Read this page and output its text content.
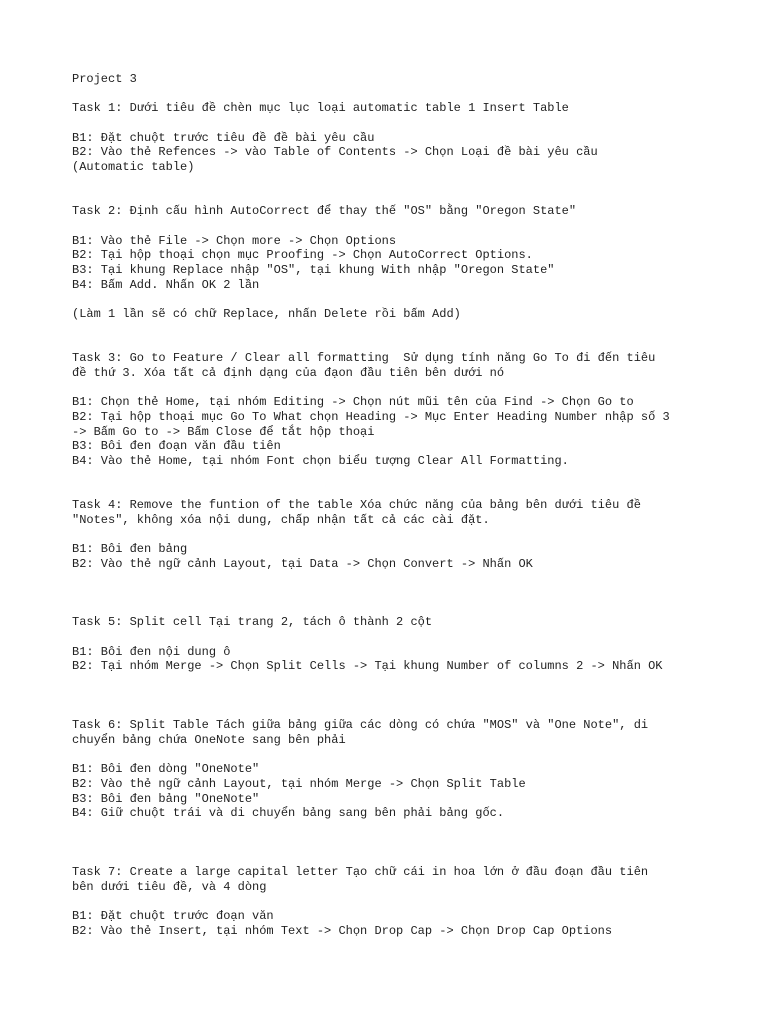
Project 3
Task 1: Dưới tiêu đề chèn mục lục loại automatic table 1 Insert Table
B1: Đặt chuột trước tiêu đề đề bài yêu cầu
B2: Vào thẻ Refences -> vào Table of Contents -> Chọn Loại đề bài yêu cầu
(Automatic table)
Task 2: Định cấu hình AutoCorrect để thay thế "OS" bằng "Oregon State"
B1: Vào thẻ File -> Chọn more -> Chọn Options
B2: Tại hộp thoại chọn mục Proofing -> Chọn AutoCorrect Options.
B3: Tại khung Replace nhập "OS", tại khung With nhập "Oregon State"
B4: Bấm Add. Nhấn OK 2 lần
(Làm 1 lần sẽ có chữ Replace, nhấn Delete rồi bấm Add)
Task 3: Go to Feature / Clear all formatting  Sử dụng tính năng Go To đi đến tiêu
đề thứ 3. Xóa tất cả định dạng của đạon đầu tiên bên dưới nó
B1: Chọn thẻ Home, tại nhóm Editing -> Chọn nút mũi tên của Find -> Chọn Go to
B2: Tại hộp thoại mục Go To What chọn Heading -> Mục Enter Heading Number nhập số 3
-> Bấm Go to -> Bấm Close để tắt hộp thoại
B3: Bôi đen đoạn văn đầu tiên
B4: Vào thẻ Home, tại nhóm Font chọn biểu tượng Clear All Formatting.
Task 4: Remove the funtion of the table Xóa chức năng của bảng bên dưới tiêu đề
"Notes", không xóa nội dung, chấp nhận tất cả các cài đặt.
B1: Bôi đen bảng
B2: Vào thẻ ngữ cảnh Layout, tại Data -> Chọn Convert -> Nhấn OK
Task 5: Split cell Tại trang 2, tách ô thành 2 cột
B1: Bôi đen nội dung ô
B2: Tại nhóm Merge -> Chọn Split Cells -> Tại khung Number of columns 2 -> Nhấn OK
Task 6: Split Table Tách giữa bảng giữa các dòng có chứa "MOS" và "One Note", di
chuyển bảng chứa OneNote sang bên phải
B1: Bôi đen dòng "OneNote"
B2: Vào thẻ ngữ cảnh Layout, tại nhóm Merge -> Chọn Split Table
B3: Bôi đen bảng "OneNote"
B4: Giữ chuột trái và di chuyển bảng sang bên phải bảng gốc.
Task 7: Create a large capital letter Tạo chữ cái in hoa lớn ở đầu đoạn đầu tiên
bên dưới tiêu đề, và 4 dòng
B1: Đặt chuột trước đoạn văn
B2: Vào thẻ Insert, tại nhóm Text -> Chọn Drop Cap -> Chọn Drop Cap Options
